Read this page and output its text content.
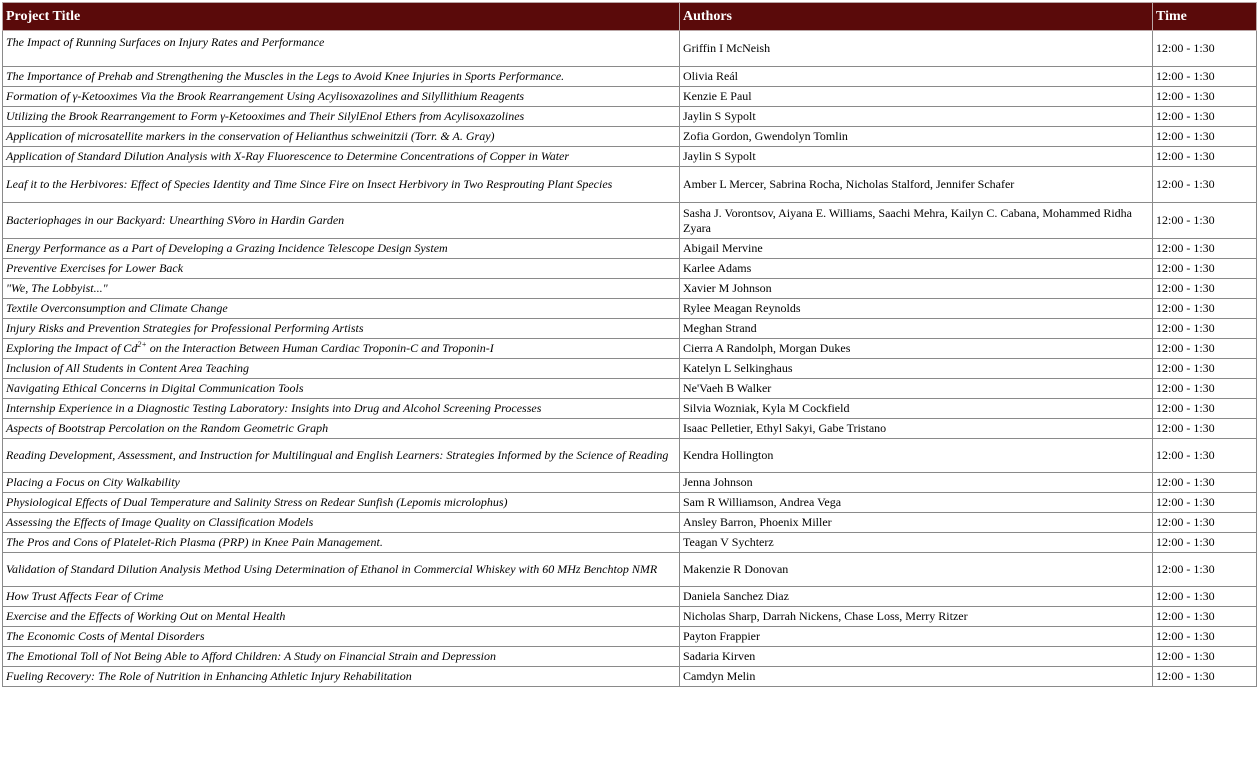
Project Title	Authors	Time
The Impact of Running Surfaces on Injury Rates and Performance	Griffin I McNeish	12:00 - 1:30
The Importance of Prehab and Strengthening the Muscles in the Legs to Avoid Knee Injuries in Sports Performance.	Olivia Reál	12:00 - 1:30
Formation of γ-Ketooximes Via the Brook Rearrangement Using Acylisoxazolines and Silyllithium Reagents	Kenzie E Paul	12:00 - 1:30
Utilizing the Brook Rearrangement to Form γ-Ketooximes and Their SilylEnol Ethers from Acylisoxazolines	Jaylin S Sypolt	12:00 - 1:30
Application of microsatellite markers in the conservation of Helianthus schweinitzii (Torr. & A. Gray)	Zofia Gordon, Gwendolyn Tomlin	12:00 - 1:30
Application of Standard Dilution Analysis with X-Ray Fluorescence to Determine Concentrations of Copper in Water	Jaylin S Sypolt	12:00 - 1:30
Leaf it to the Herbivores: Effect of Species Identity and Time Since Fire on Insect Herbivory in Two Resprouting Plant Species	Amber L Mercer, Sabrina Rocha, Nicholas Stalford, Jennifer Schafer	12:00 - 1:30
Bacteriophages in our Backyard: Unearthing SVoro in Hardin Garden	Sasha J. Vorontsov, Aiyana E. Williams, Saachi Mehra, Kailyn C. Cabana, Mohammed Ridha Zyara	12:00 - 1:30
Energy Performance as a Part of Developing a Grazing Incidence Telescope Design System	Abigail Mervine	12:00 - 1:30
Preventive Exercises for Lower Back	Karlee Adams	12:00 - 1:30
"We, The Lobbyist..."	Xavier M Johnson	12:00 - 1:30
Textile Overconsumption and Climate Change	Rylee Meagan Reynolds	12:00 - 1:30
Injury Risks and Prevention Strategies for Professional Performing Artists	Meghan Strand	12:00 - 1:30
Exploring the Impact of $Cd^{2+}$ on the Interaction Between Human Cardiac Troponin-C and Troponin-I	Cierra A Randolph, Morgan Dukes	12:00 - 1:30
Inclusion of All Students in Content Area Teaching	Katelyn L Selkinghaus	12:00 - 1:30
Navigating Ethical Concerns in Digital Communication Tools	Ne'Vaeh B Walker	12:00 - 1:30
Internship Experience in a Diagnostic Testing Laboratory: Insights into Drug and Alcohol Screening Processes	Silvia Wozniak, Kyla M Cockfield	12:00 - 1:30
Aspects of Bootstrap Percolation on the Random Geometric Graph	Isaac Pelletier, Ethyl Sakyi, Gabe Tristano	12:00 - 1:30
Reading Development, Assessment, and Instruction for Multilingual and English Learners: Strategies Informed by the Science of Reading	Kendra Hollington	12:00 - 1:30
Placing a Focus on City Walkability	Jenna Johnson	12:00 - 1:30
Physiological Effects of Dual Temperature and Salinity Stress on Redear Sunfish (Lepomis microlophus)	Sam R Williamson, Andrea Vega	12:00 - 1:30
Assessing the Effects of Image Quality on Classification Models	Ansley Barron, Phoenix Miller	12:00 - 1:30
The Pros and Cons of Platelet-Rich Plasma (PRP) in Knee Pain Management.	Teagan V Sychterz	12:00 - 1:30
Validation of Standard Dilution Analysis Method Using Determination of Ethanol in Commercial Whiskey with 60 MHz Benchtop NMR	Makenzie R Donovan	12:00 - 1:30
How Trust Affects Fear of Crime	Daniela Sanchez Diaz	12:00 - 1:30
Exercise and the Effects of Working Out on Mental Health	Nicholas Sharp, Darrah Nickens, Chase Loss, Merry Ritzer	12:00 - 1:30
The Economic Costs of Mental Disorders	Payton Frappier	12:00 - 1:30
The Emotional Toll of Not Being Able to Afford Children: A Study on Financial Strain and Depression	Sadaria Kirven	12:00 - 1:30
Fueling Recovery: The Role of Nutrition in Enhancing Athletic Injury Rehabilitation	Camdyn Melin	12:00 - 1:30
